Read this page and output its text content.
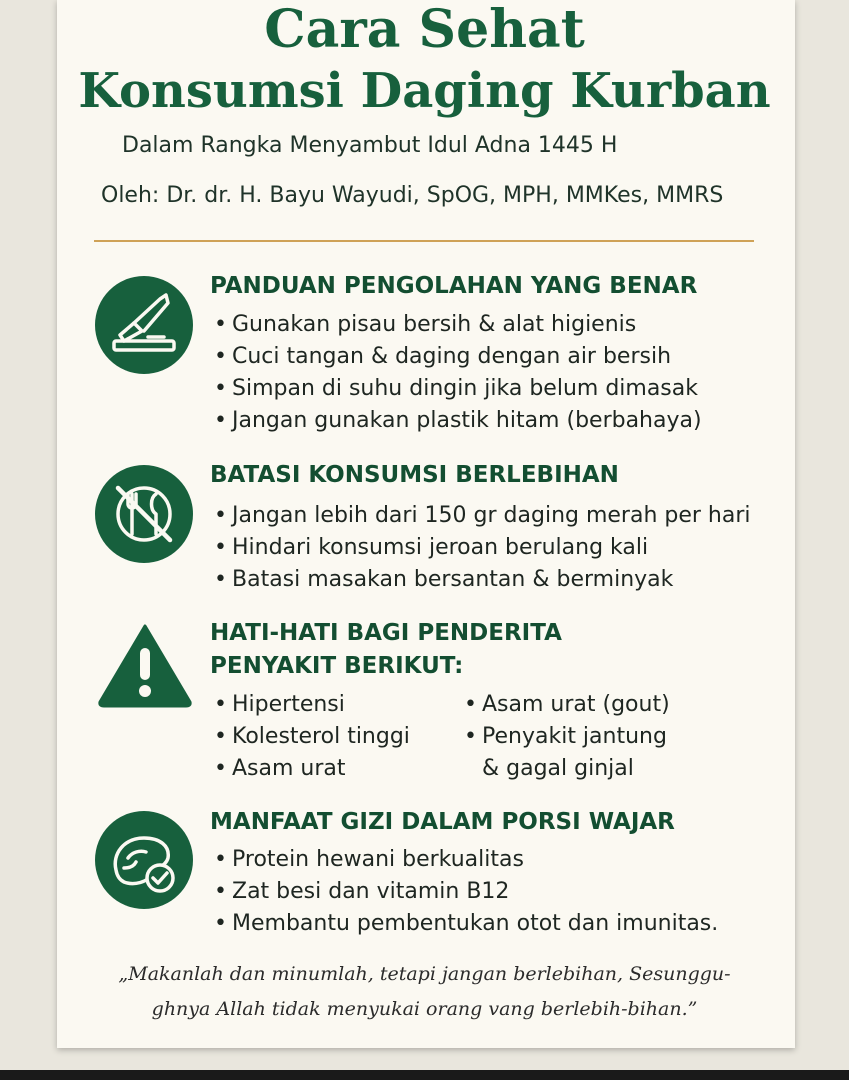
Cara Sehat
Konsumsi Daging Kurban

Dalam Rangka Menyambut Idul Adna 1445 H

Oleh: Dr. dr. H. Bayu Wayudi, SpOG, MPH, MMKes, MMRS

PANDUAN PENGOLAHAN YANG BENAR
• Gunakan pisau bersih & alat higienis
• Cuci tangan & daging dengan air bersih
• Simpan di suhu dingin jika belum dimasak
• Jangan gunakan plastik hitam (berbahaya)
BATASI KONSUMSI BERLEBIHAN
• Jangan lebih dari 150 gr daging merah per hari
• Hindari konsumsi jeroan berulang kali
• Batasi masakan bersantan & berminyak
HATI-HATI BAGI PENDERITA
PENYAKIT BERIKUT:
• Hipertensi
• Kolesterol tinggi
• Asam urat
• Asam urat (gout)
• Penyakit jantung
& gagal ginjal
MANFAAT GIZI DALAM PORSI WAJAR
• Protein hewani berkualitas
• Zat besi dan vitamin B12
• Membantu pembentukan otot dan imunitas.

„Makanlah dan minumlah, tetapi jangan berlebihan, Sesunggu-

ghnya Allah tidak menyukai orang vang berlebih-bihan.”
